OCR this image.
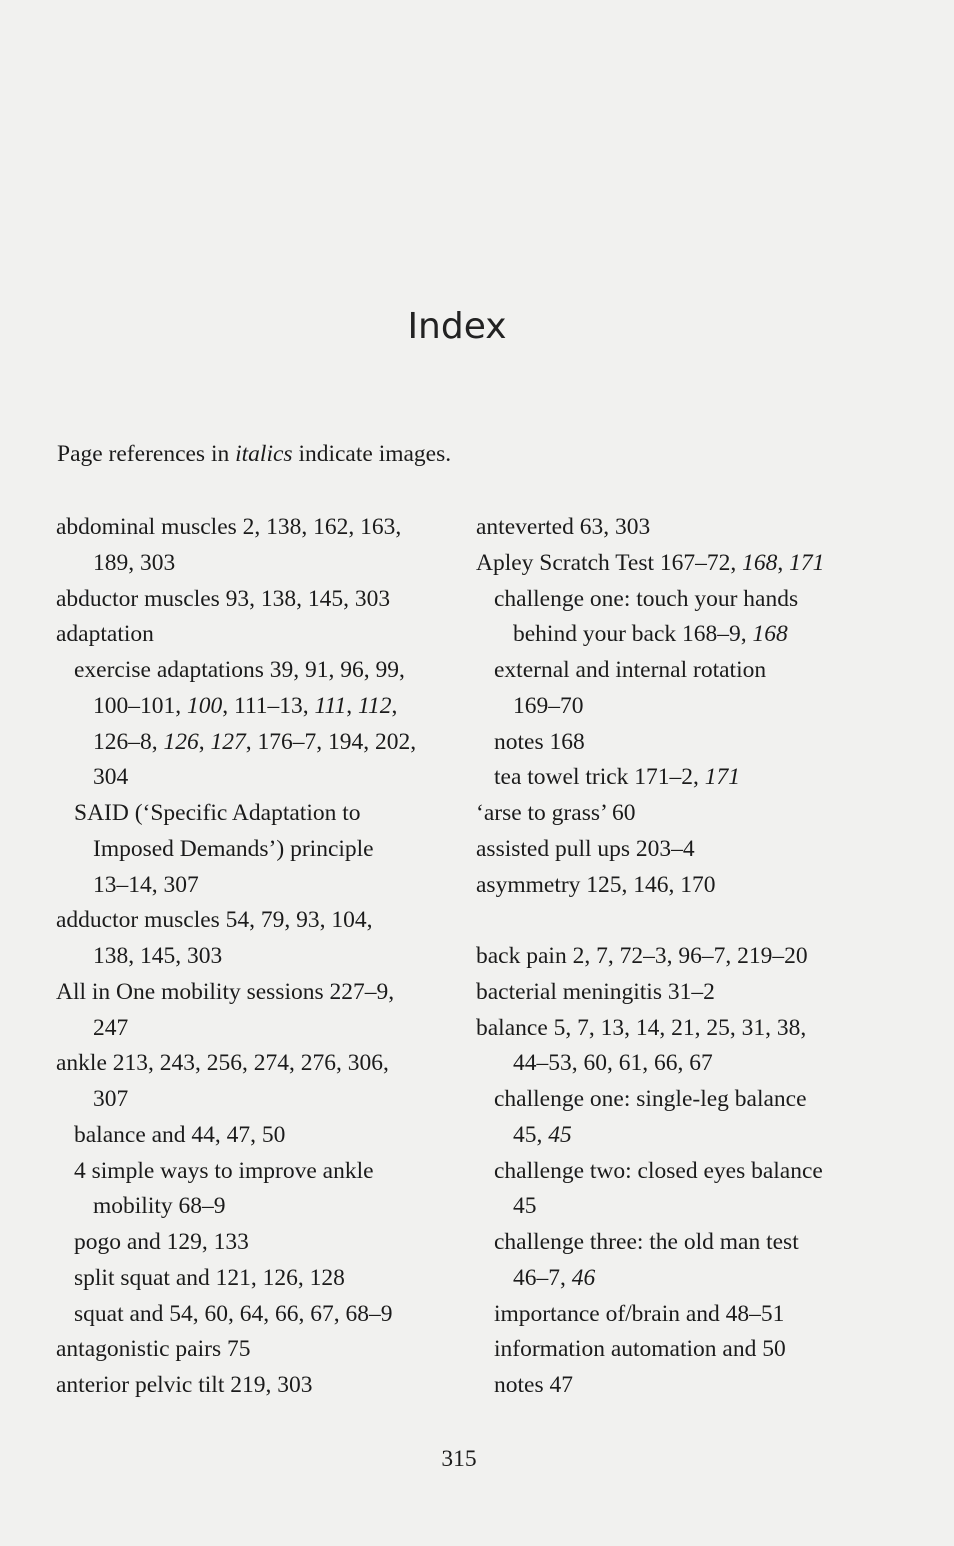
Index
Page references in italics indicate images.
abdominal muscles 2, 138, 162, 163,
189, 303
abductor muscles 93, 138, 145, 303
adaptation
exercise adaptations 39, 91, 96, 99,
100–101, 100, 111–13, 111, 112,
126–8, 126, 127, 176–7, 194, 202,
304
SAID (‘Specific Adaptation to
Imposed Demands’) principle
13–14, 307
adductor muscles 54, 79, 93, 104,
138, 145, 303
All in One mobility sessions 227–9,
247
ankle 213, 243, 256, 274, 276, 306,
307
balance and 44, 47, 50
4 simple ways to improve ankle
mobility 68–9
pogo and 129, 133
split squat and 121, 126, 128
squat and 54, 60, 64, 66, 67, 68–9
antagonistic pairs 75
anterior pelvic tilt 219, 303
anteverted 63, 303
Apley Scratch Test 167–72, 168, 171
challenge one: touch your hands
behind your back 168–9, 168
external and internal rotation
169–70
notes 168
tea towel trick 171–2, 171
‘arse to grass’ 60
assisted pull ups 203–4
asymmetry 125, 146, 170
back pain 2, 7, 72–3, 96–7, 219–20
bacterial meningitis 31–2
balance 5, 7, 13, 14, 21, 25, 31, 38,
44–53, 60, 61, 66, 67
challenge one: single-leg balance
45, 45
challenge two: closed eyes balance
45
challenge three: the old man test
46–7, 46
importance of/brain and 48–51
information automation and 50
notes 47
315
